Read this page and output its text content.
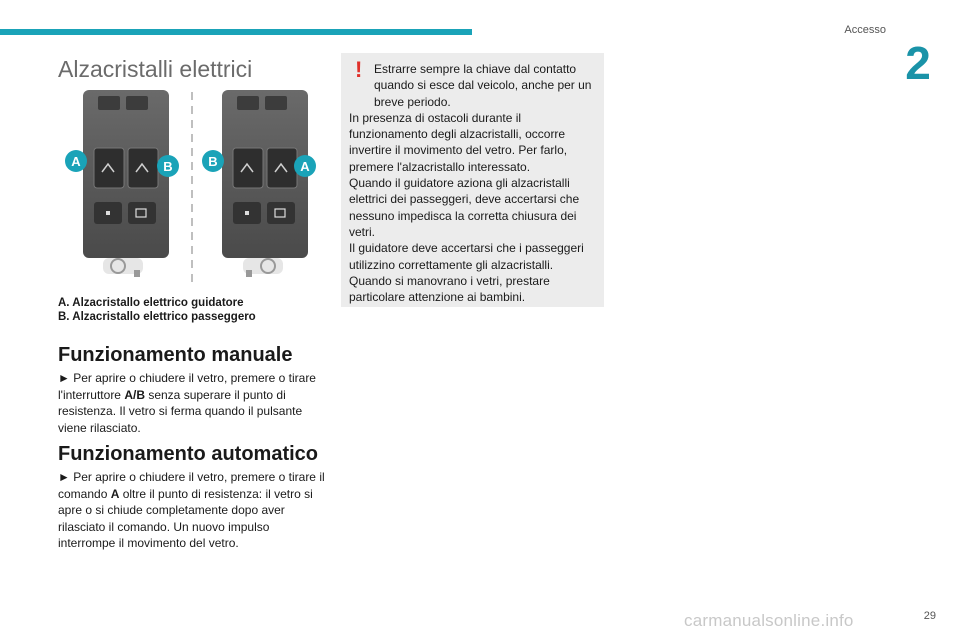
Accesso
2
Alzacristalli elettrici
A	B	B	A
A. Alzacristallo elettrico guidatore
B. Alzacristallo elettrico passeggero
Funzionamento manuale

► Per aprire o chiudere il vetro, premere o tirare l'interruttore A/B senza superare il punto di resistenza. Il vetro si ferma quando il pulsante viene rilasciato.

Funzionamento automatico

► Per aprire o chiudere il vetro, premere o tirare il comando A oltre il punto di resistenza: il vetro si apre o si chiude completamente dopo aver rilasciato il comando. Un nuovo impulso interrompe il movimento del vetro.

! Estrarre sempre la chiave dal contatto quando si esce dal veicolo, anche per un breve periodo.
In presenza di ostacoli durante il funzionamento degli alzacristalli, occorre invertire il movimento del vetro. Per farlo, premere l'alzacristallo interessato.
Quando il guidatore aziona gli alzacristalli elettrici dei passeggeri, deve accertarsi che nessuno impedisca la corretta chiusura dei vetri.
Il guidatore deve accertarsi che i passeggeri utilizzino correttamente gli alzacristalli.
Quando si manovrano i vetri, prestare particolare attenzione ai bambini.

carmanualsonline.info	29
